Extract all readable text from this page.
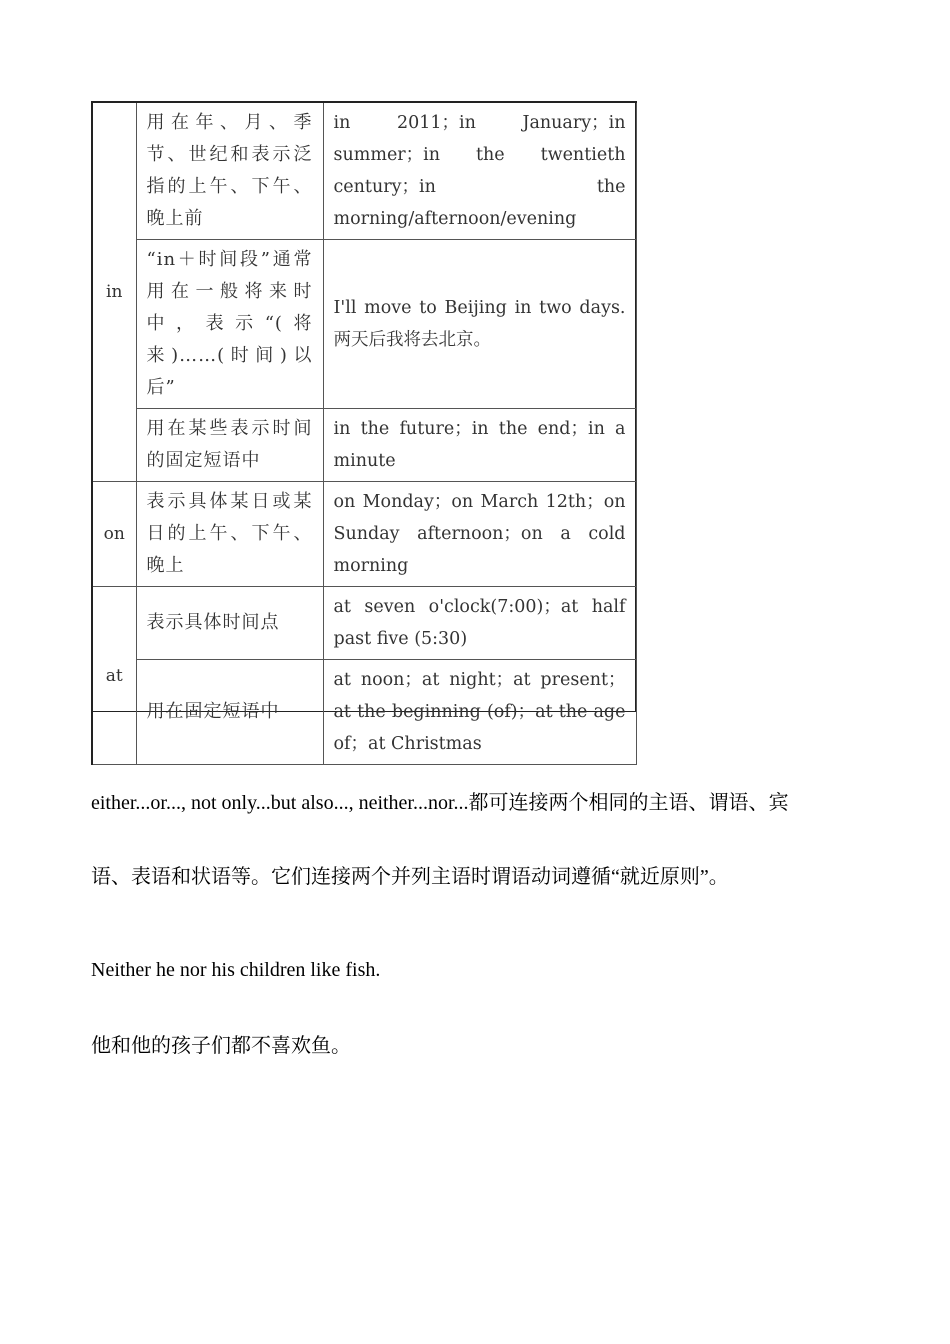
in	用在年、月、季节、世纪和表示泛指的上午、下午、晚上前	in 2011；in January；in summer；in the twentieth century；in the morning/afternoon/evening
	“in＋时间段”通常用在一般将来时中，表示“(将来)……(时间)以后”	I'll move to Beijing in two days.两天后我将去北京。
	用在某些表示时间的固定短语中	in the future；in the end；in a minute
on	表示具体某日或某日的上午、下午、晚上	on Monday；on March 12th；on Sunday afternoon；on a cold morning
at	表示具体时间点	at seven o'clock(7:00)；at half past five (5:30)
	用在固定短语中	at noon；at night；at present；at the beginning (of)；at the age of；at Christmas
either...or..., not only...but also..., neither...nor...都可连接两个相同的主语、谓语、宾语、表语和状语等。它们连接两个并列主语时谓语动词遵循“就近原则”。
Neither he nor his children like fish.
他和他的孩子们都不喜欢鱼。
